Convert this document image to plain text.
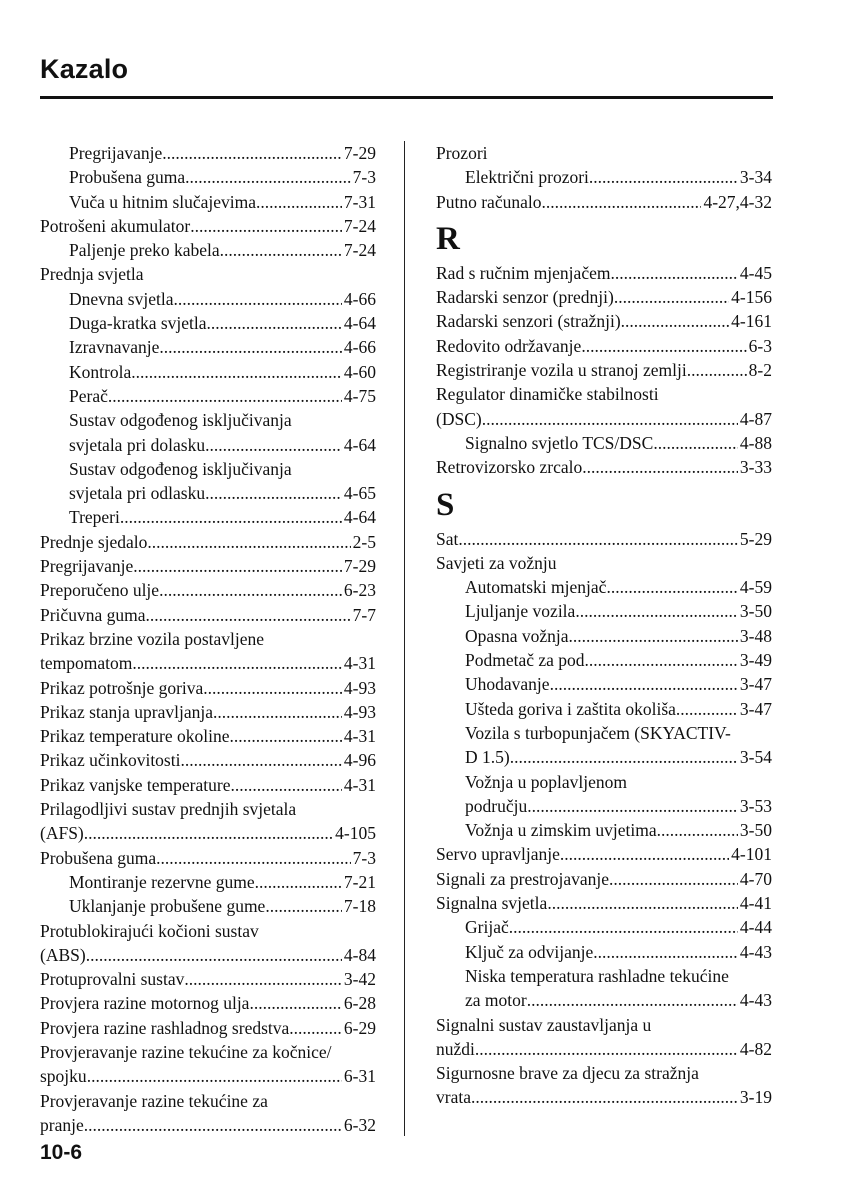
Kazalo
Pregrijavanje .....	7-29
Probušena guma .....	7-3
Vuča u hitnim slučajevima .....	7-31
Potrošeni akumulator .....	7-24
Paljenje preko kabela .....	7-24
Prednja svjetla
Dnevna svjetla .....	4-66
Duga-kratka svjetla .....	4-64
Izravnavanje .....	4-66
Kontrola .....	4-60
Perač .....	4-75
Sustav odgođenog isključivanja
svjetala pri dolasku .....	4-64
Sustav odgođenog isključivanja
svjetala pri odlasku .....	4-65
Treperi .....	4-64
Prednje sjedalo .....	2-5
Pregrijavanje .....	7-29
Preporučeno ulje .....	6-23
Pričuvna guma .....	7-7
Prikaz brzine vozila postavljene
tempomatom .....	4-31
Prikaz potrošnje goriva .....	4-93
Prikaz stanja upravljanja .....	4-93
Prikaz temperature okoline .....	4-31
Prikaz učinkovitosti .....	4-96
Prikaz vanjske temperature .....	4-31
Prilagodljivi sustav prednjih svjetala
(AFS) .....	4-105
Probušena guma .....	7-3
Montiranje rezervne gume .....	7-21
Uklanjanje probušene gume .....	7-18
Protublokirajući kočioni sustav
(ABS) .....	4-84
Protuprovalni sustav .....	3-42
Provjera razine motornog ulja .....	6-28
Provjera razine rashladnog sredstva .....	6-29
Provjeravanje razine tekućine za kočnice/
spojku .....	6-31
Provjeravanje razine tekućine za
pranje .....	6-32
Prozori
Električni prozori .....	3-34
Putno računalo .....	4-27,4-32
R
Rad s ručnim mjenjačem .....	4-45
Radarski senzor (prednji) .....	4-156
Radarski senzori (stražnji) .....	4-161
Redovito održavanje .....	6-3
Registriranje vozila u stranoj zemlji .....	8-2
Regulator dinamičke stabilnosti
(DSC) .....	4-87
Signalno svjetlo TCS/DSC .....	4-88
Retrovizorsko zrcalo .....	3-33
S
Sat .....	5-29
Savjeti za vožnju
Automatski mjenjač .....	4-59
Ljuljanje vozila .....	3-50
Opasna vožnja .....	3-48
Podmetač za pod .....	3-49
Uhodavanje .....	3-47
Ušteda goriva i zaštita okoliša .....	3-47
Vozila s turbopunjačem (SKYACTIV-
D 1.5) .....	3-54
Vožnja u poplavljenom
području .....	3-53
Vožnja u zimskim uvjetima .....	3-50
Servo upravljanje .....	4-101
Signali za prestrojavanje .....	4-70
Signalna svjetla .....	4-41
Grijač .....	4-44
Ključ za odvijanje .....	4-43
Niska temperatura rashladne tekućine
za motor .....	4-43
Signalni sustav zaustavljanja u
nuždi .....	4-82
Sigurnosne brave za djecu za stražnja
vrata .....	3-19
10-6
